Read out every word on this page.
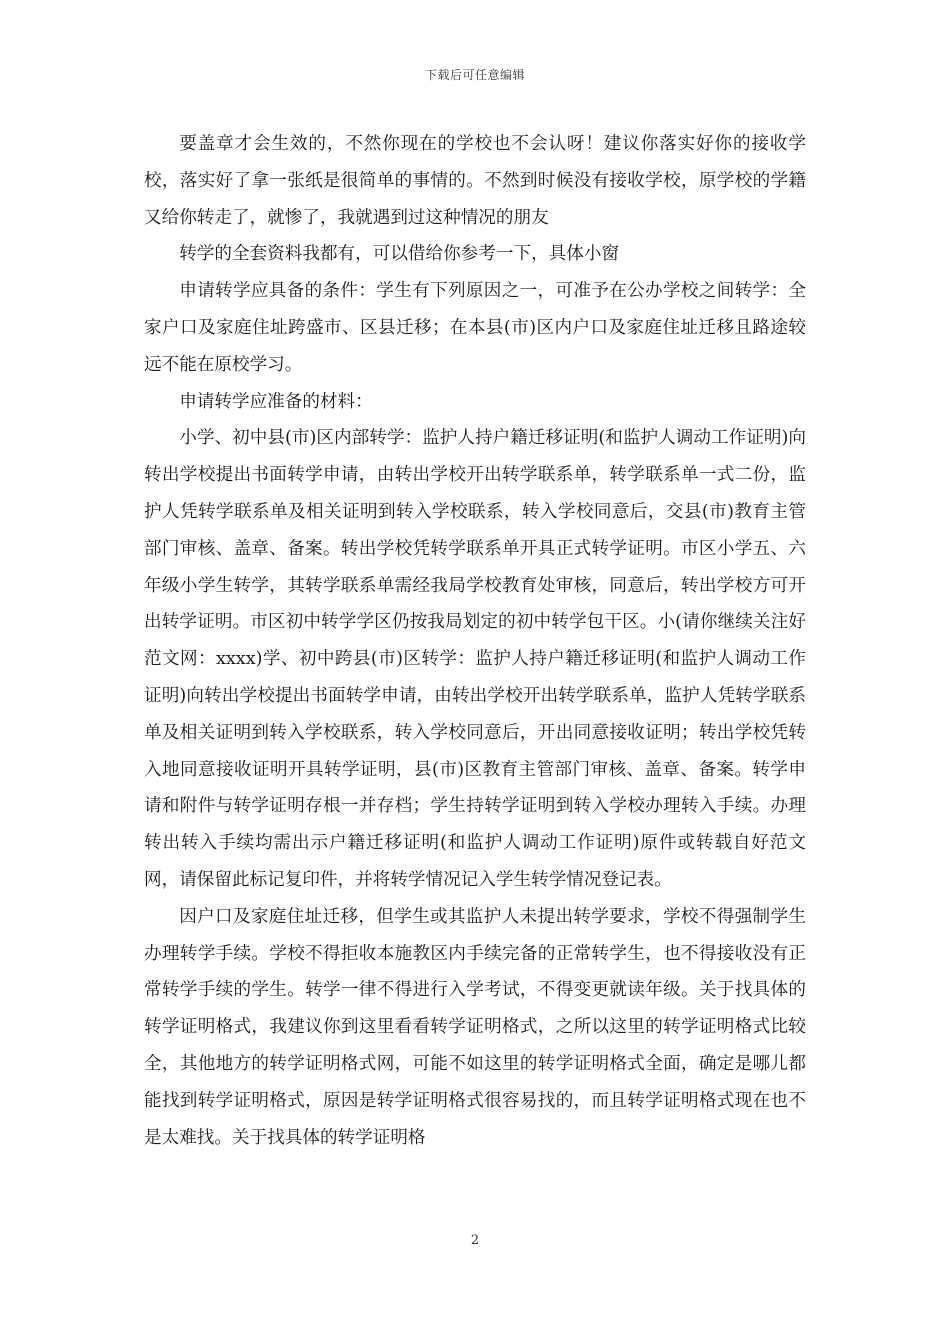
下载后可任意编辑

要盖章才会生效的，不然你现在的学校也不会认呀！建议你落实好你的接收学校，落实好了拿一张纸是很简单的事情的。不然到时候没有接收学校，原学校的学籍又给你转走了，就惨了，我就遇到过这种情况的朋友

转学的全套资料我都有，可以借给你参考一下，具体小窗

申请转学应具备的条件：学生有下列原因之一，可准予在公办学校之间转学：全家户口及家庭住址跨盛市、区县迁移；在本县(市)区内户口及家庭住址迁移且路途较远不能在原校学习。

申请转学应准备的材料：

小学、初中县(市)区内部转学：监护人持户籍迁移证明(和监护人调动工作证明)向转出学校提出书面转学申请，由转出学校开出转学联系单，转学联系单一式二份，监护人凭转学联系单及相关证明到转入学校联系，转入学校同意后，交县(市)教育主管部门审核、盖章、备案。转出学校凭转学联系单开具正式转学证明。市区小学五、六年级小学生转学，其转学联系单需经我局学校教育处审核，同意后，转出学校方可开出转学证明。市区初中转学学区仍按我局划定的初中转学包干区。小(请你继续关注好范文网：xxxx)学、初中跨县(市)区转学：监护人持户籍迁移证明(和监护人调动工作证明)向转出学校提出书面转学申请，由转出学校开出转学联系单，监护人凭转学联系单及相关证明到转入学校联系，转入学校同意后，开出同意接收证明；转出学校凭转入地同意接收证明开具转学证明，县(市)区教育主管部门审核、盖章、备案。转学申请和附件与转学证明存根一并存档；学生持转学证明到转入学校办理转入手续。办理转出转入手续均需出示户籍迁移证明(和监护人调动工作证明)原件或转载自好范文网，请保留此标记复印件，并将转学情况记入学生转学情况登记表。

因户口及家庭住址迁移，但学生或其监护人未提出转学要求，学校不得强制学生办理转学手续。学校不得拒收本施教区内手续完备的正常转学生，也不得接收没有正常转学手续的学生。转学一律不得进行入学考试，不得变更就读年级。关于找具体的转学证明格式，我建议你到这里看看转学证明格式，之所以这里的转学证明格式比较全，其他地方的转学证明格式网，可能不如这里的转学证明格式全面，确定是哪儿都能找到转学证明格式，原因是转学证明格式很容易找的，而且转学证明格式现在也不是太难找。关于找具体的转学证明格

2
